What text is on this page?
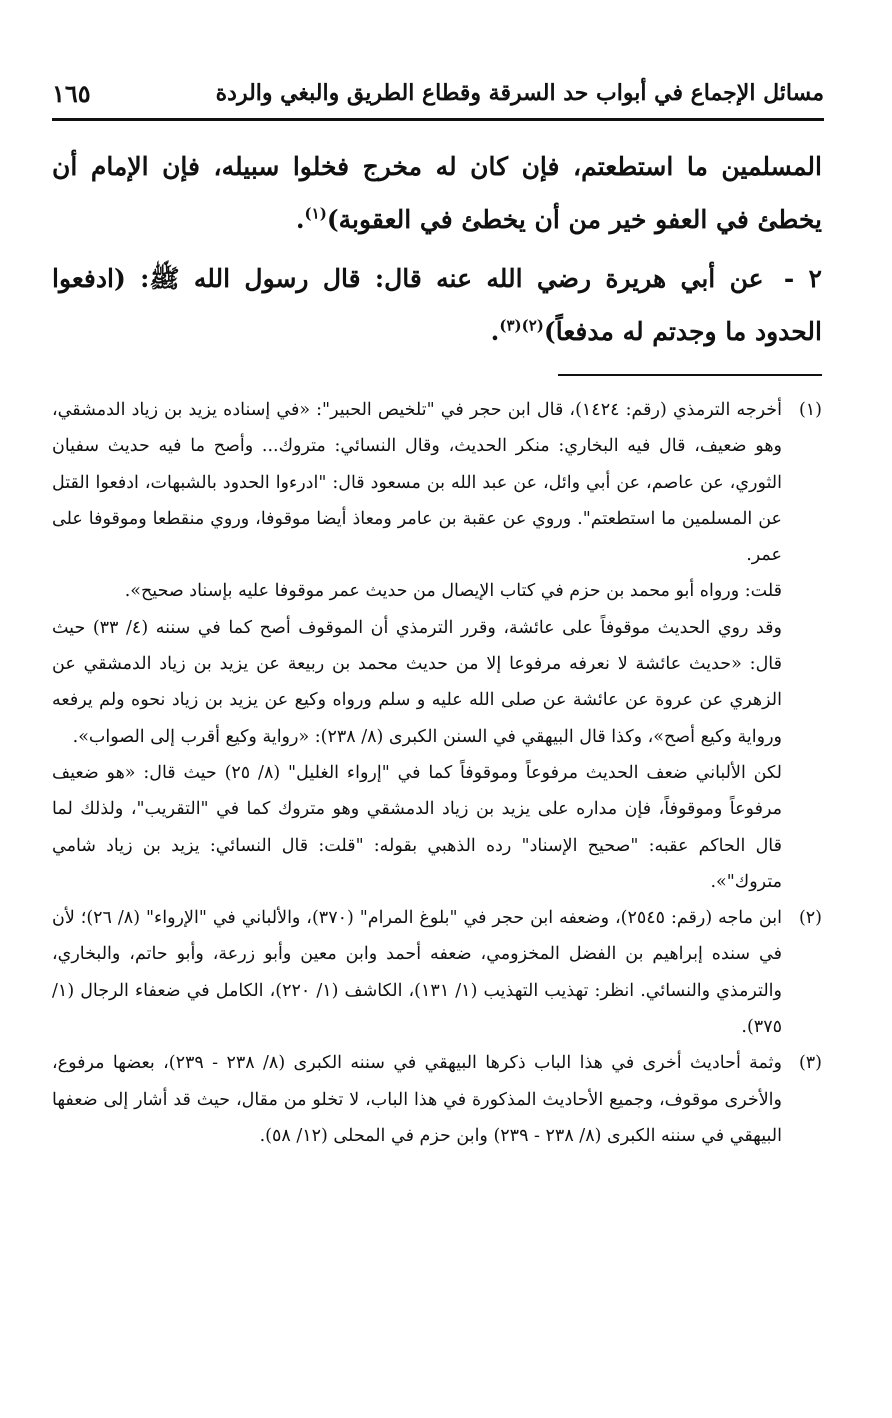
مسائل الإجماع في أبواب حد السرقة وقطاع الطريق والبغي والردة
١٦٥

المسلمين ما استطعتم، فإن كان له مخرج فخلوا سبيله، فإن الإمام أن يخطئ في العفو خير من أن يخطئ في العقوبة)$^{(١)}$.

٢ - عن أبي هريرة رضي الله عنه قال: قال رسول الله ﷺ: (ادفعوا الحدود ما وجدتم له مدفعاً)$^{(٢)(٣)}$.

(١)

أخرجه الترمذي (رقم: ١٤٢٤)، قال ابن حجر في "تلخيص الحبير": «في إسناده يزيد بن زياد الدمشقي، وهو ضعيف، قال فيه البخاري: منكر الحديث، وقال النسائي: متروك... وأصح ما فيه حديث سفيان الثوري، عن عاصم، عن أبي وائل، عن عبد الله بن مسعود قال: "ادرءوا الحدود بالشبهات، ادفعوا القتل عن المسلمين ما استطعتم". وروي عن عقبة بن عامر ومعاذ أيضا موقوفا، وروي منقطعا وموقوفا على عمر.

قلت: ورواه أبو محمد بن حزم في كتاب الإيصال من حديث عمر موقوفا عليه بإسناد صحيح».

وقد روي الحديث موقوفاً على عائشة، وقرر الترمذي أن الموقوف أصح كما في سننه (٤/ ٣٣) حيث قال: «حديث عائشة لا نعرفه مرفوعا إلا من حديث محمد بن ربيعة عن يزيد بن زياد الدمشقي عن الزهري عن عروة عن عائشة عن صلى الله عليه و سلم ورواه وكيع عن يزيد بن زياد نحوه ولم يرفعه ورواية وكيع أصح»، وكذا قال البيهقي في السنن الكبرى (٨/ ٢٣٨): «رواية وكيع أقرب إلى الصواب».

لكن الألباني ضعف الحديث مرفوعاً وموقوفاً كما في "إرواء الغليل" (٨/ ٢٥) حيث قال: «هو ضعيف مرفوعاً وموقوفاً، فإن مداره على يزيد بن زياد الدمشقي وهو متروك كما في "التقريب"، ولذلك لما قال الحاكم عقبه: "صحيح الإسناد" رده الذهبي بقوله: "قلت: قال النسائي: يزيد بن زياد شامي متروك"».

(٢)

ابن ماجه (رقم: ٢٥٤٥)، وضعفه ابن حجر في "بلوغ المرام" (٣٧٠)، والألباني في "الإرواء" (٨/ ٢٦)؛ لأن في سنده إبراهيم بن الفضل المخزومي، ضعفه أحمد وابن معين وأبو زرعة، وأبو حاتم، والبخاري، والترمذي والنسائي. انظر: تهذيب التهذيب (١/ ١٣١)، الكاشف (١/ ٢٢٠)، الكامل في ضعفاء الرجال (١/ ٣٧٥).

(٣)

وثمة أحاديث أخرى في هذا الباب ذكرها البيهقي في سننه الكبرى (٨/ ٢٣٨ - ٢٣٩)، بعضها مرفوع، والأخرى موقوف، وجميع الأحاديث المذكورة في هذا الباب، لا تخلو من مقال، حيث قد أشار إلى ضعفها البيهقي في سننه الكبرى (٨/ ٢٣٨ - ٢٣٩) وابن حزم في المحلى (١٢/ ٥٨).
